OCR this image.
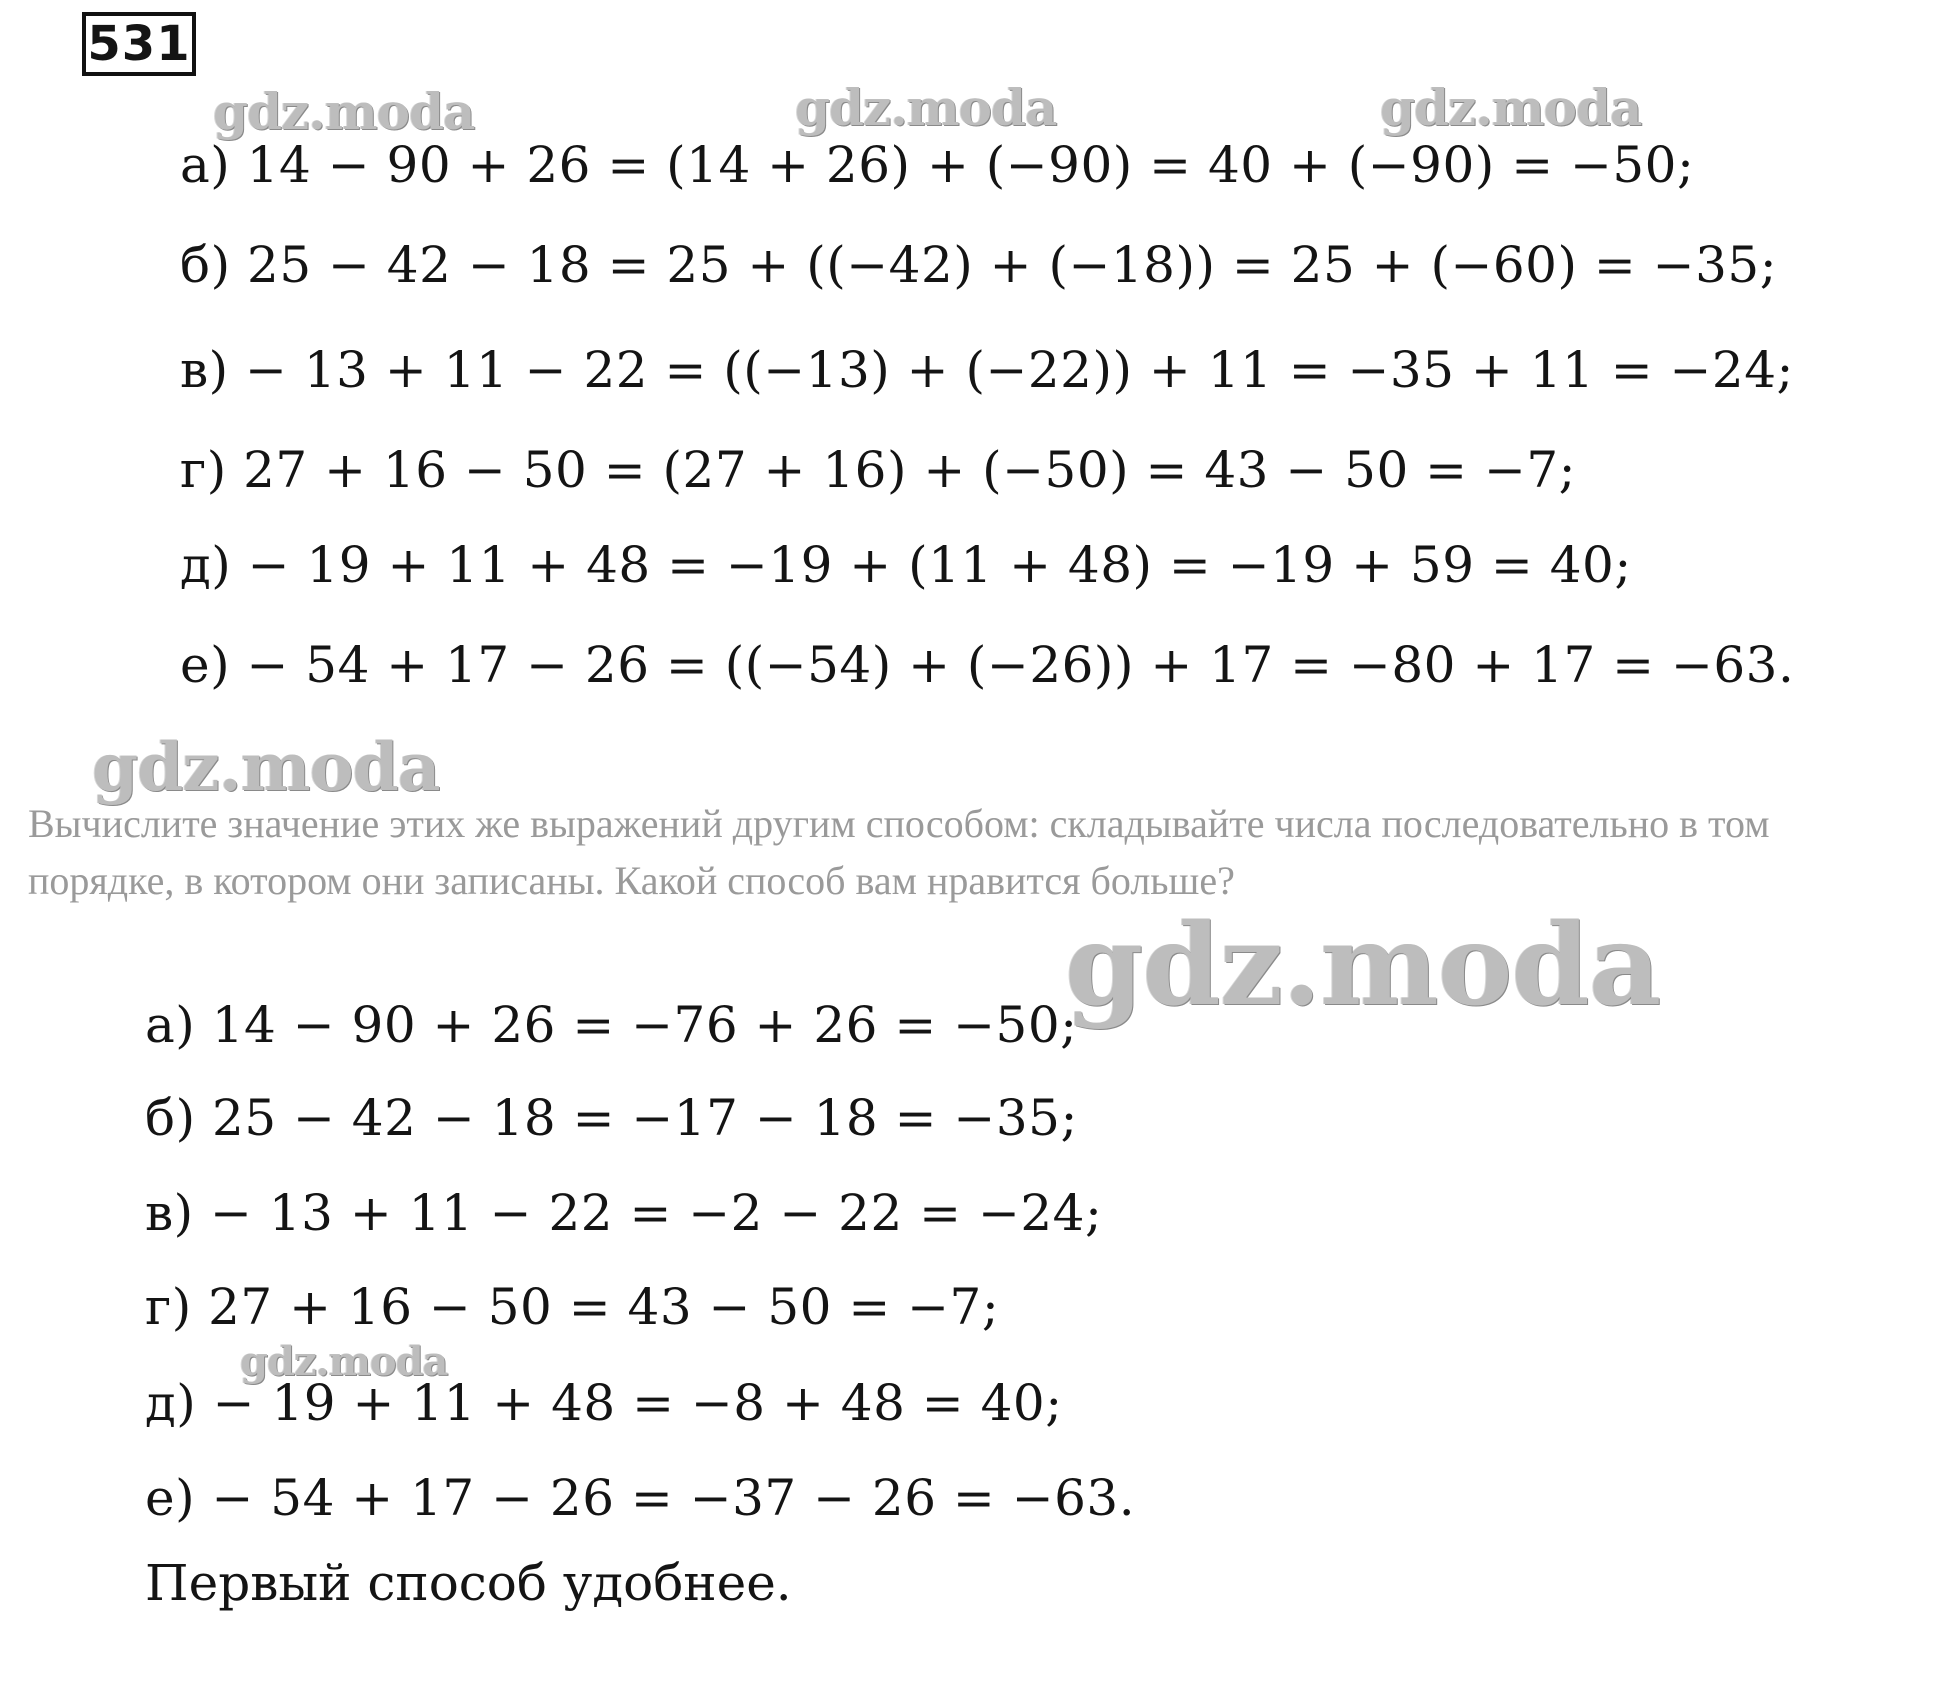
531
gdz.moda	gdz.moda	gdz.moda
gdz.moda
а) 14 − 90 + 26 = (14 + 26) + (−90) = 40 + (−90) = −50;
б) 25 − 42 − 18 = 25 + ((−42) + (−18)) = 25 + (−60) = −35;
в) − 13 + 11 − 22 = ((−13) + (−22)) + 11 = −35 + 11 = −24;
г) 27 + 16 − 50 = (27 + 16) + (−50) = 43 − 50 = −7;
д) − 19 + 11 + 48 = −19 + (11 + 48) = −19 + 59 = 40;
е) − 54 + 17 − 26 = ((−54) + (−26)) + 17 = −80 + 17 = −63.
Вычислите значение этих же выражений другим способом: складывайте числа последовательно в том порядке, в котором они записаны. Какой способ вам нравится больше?
gdz.moda
а) 14 − 90 + 26 = −76 + 26 = −50;
б) 25 − 42 − 18 = −17 − 18 = −35;
в) − 13 + 11 − 22 = −2 − 22 = −24;
г) 27 + 16 − 50 = 43 − 50 = −7;
gdz.moda
д) − 19 + 11 + 48 = −8 + 48 = 40;
е) − 54 + 17 − 26 = −37 − 26 = −63.
Первый способ удобнее.
